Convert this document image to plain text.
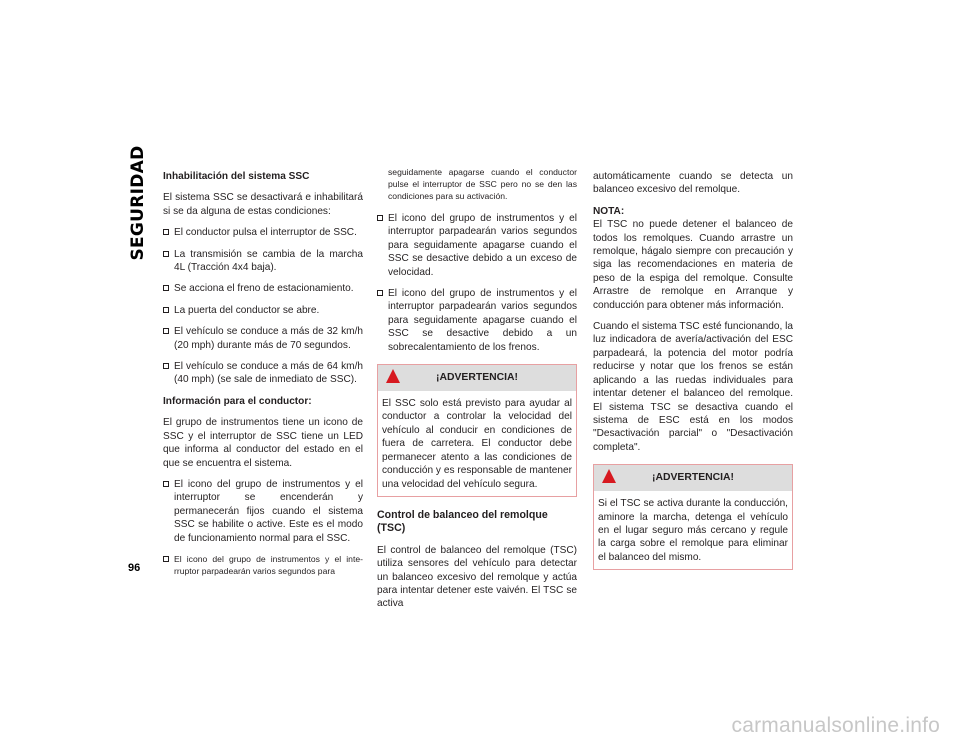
SEGURIDAD
96
Inhabilitación del sistema SSC

El sistema SSC se desactivará e inhabilitará si se da alguna de estas condiciones:

El conductor pulsa el interruptor de SSC.
La transmisión se cambia de la marcha 4L (Tracción 4x4 baja).
Se acciona el freno de estacionamiento.
La puerta del conductor se abre.
El vehículo se conduce a más de 32 km/h (20 mph) durante más de 70 segundos.
El vehículo se conduce a más de 64 km/h (40 mph) (se sale de inmediato de SSC).
Información para el conductor:

El grupo de instrumentos tiene un icono de SSC y el interruptor de SSC tiene un LED que informa al conductor del estado en el que se encuentra el sistema.

El icono del grupo de instrumentos y el interruptor se encenderán y permanecerán fijos cuando el sistema SSC se habilite o active. Este es el modo de funcionamiento normal para el SSC.
El icono del grupo de instrumentos y el interruptor parpadearán varios segundos para
seguidamente apagarse cuando el conductor pulse el interruptor de SSC pero no se den las condiciones para su activación.
El icono del grupo de instrumentos y el interruptor parpadearán varios segundos para seguidamente apagarse cuando el SSC se desactive debido a un exceso de velocidad.
El icono del grupo de instrumentos y el interruptor parpadearán varios segundos para seguidamente apagarse cuando el SSC se desactive debido a un sobrecalentamiento de los frenos.
¡ADVERTENCIA!
El SSC solo está previsto para ayudar al conductor a controlar la velocidad del vehículo al conducir en condiciones de fuera de carretera. El conductor debe permanecer atento a las condiciones de conducción y es responsable de mantener una velocidad del vehículo segura.
Control de balanceo del remolque (TSC)

El control de balanceo del remolque (TSC) utiliza sensores del vehículo para detectar un balanceo excesivo del remolque y actúa para intentar detener este vaivén. El TSC se activa

automáticamente cuando se detecta un balanceo excesivo del remolque.

NOTA:
El TSC no puede detener el balanceo de todos los remolques. Cuando arrastre un remolque, hágalo siempre con precaución y siga las recomendaciones en materia de peso de la espiga del remolque. Consulte Arrastre de remolque en Arranque y conducción para obtener más información.

Cuando el sistema TSC esté funcionando, la luz indicadora de avería/activación del ESC parpadeará, la potencia del motor podría reducirse y notar que los frenos se están aplicando a las ruedas individuales para intentar detener el balanceo del remolque. El sistema TSC se desactiva cuando el sistema de ESC está en los modos "Desactivación parcial" o "Desactivación completa".

¡ADVERTENCIA!
Si el TSC se activa durante la conducción, aminore la marcha, detenga el vehículo en el lugar seguro más cercano y regule la carga sobre el remolque para eliminar el balanceo del mismo.
carmanualsonline.info
